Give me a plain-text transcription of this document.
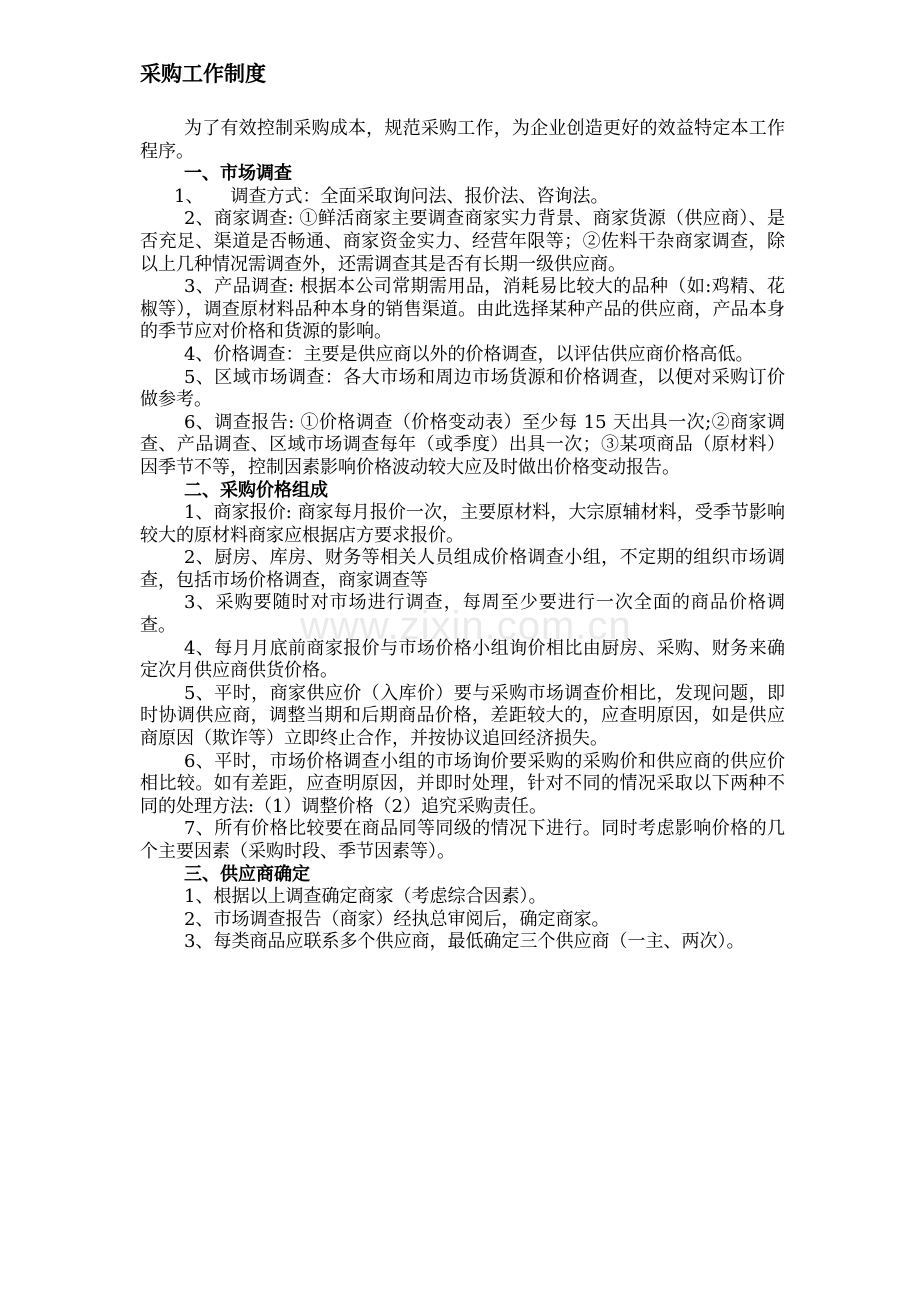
采购工作制度

为了有效控制采购成本，规范采购工作，为企业创造更好的效益特定本工作程序。

一、市场调查

1、　　调查方式：全面采取询问法、报价法、咨询法。

2、商家调查: ①鲜活商家主要调查商家实力背景、商家货源（供应商）、是否充足、渠道是否畅通、商家资金实力、经营年限等；②佐料干杂商家调查，除以上几种情况需调查外，还需调查其是否有长期一级供应商。

3、产品调查: 根据本公司常期需用品，消耗易比较大的品种（如:鸡精、花椒等），调查原材料品种本身的销售渠道。由此选择某种产品的供应商，产品本身的季节应对价格和货源的影响。

4、价格调查：主要是供应商以外的价格调查，以评估供应商价格高低。

5、区域市场调查：各大市场和周边市场货源和价格调查，以便对采购订价做参考。

6、调查报告: ①价格调查（价格变动表）至少每 15 天出具一次;②商家调查、产品调查、区域市场调查每年（或季度）出具一次；③某项商品（原材料）因季节不等，控制因素影响价格波动较大应及时做出价格变动报告。

二、采购价格组成

1、商家报价: 商家每月报价一次，主要原材料，大宗原辅材料，受季节影响较大的原材料商家应根据店方要求报价。

2、厨房、库房、财务等相关人员组成价格调查小组，不定期的组织市场调查，包括市场价格调查，商家调查等

3、采购要随时对市场进行调查，每周至少要进行一次全面的商品价格调查。

4、每月月底前商家报价与市场价格小组询价相比由厨房、采购、财务来确定次月供应商供货价格。

5、平时，商家供应价（入库价）要与采购市场调查价相比，发现问题，即时协调供应商，调整当期和后期商品价格，差距较大的，应查明原因，如是供应商原因（欺诈等）立即终止合作，并按协议追回经济损失。

6、平时，市场价格调查小组的市场询价要采购的采购价和供应商的供应价相比较。如有差距，应查明原因，并即时处理，针对不同的情况采取以下两种不同的处理方法:（1）调整价格（2）追究采购责任。

7、所有价格比较要在商品同等同级的情况下进行。同时考虑影响价格的几个主要因素（采购时段、季节因素等）。

三、供应商确定

1、根据以上调查确定商家（考虑综合因素）。

2、市场调查报告（商家）经执总审阅后，确定商家。

3、每类商品应联系多个供应商，最低确定三个供应商（一主、两次）。

www.zixin.com.cn
